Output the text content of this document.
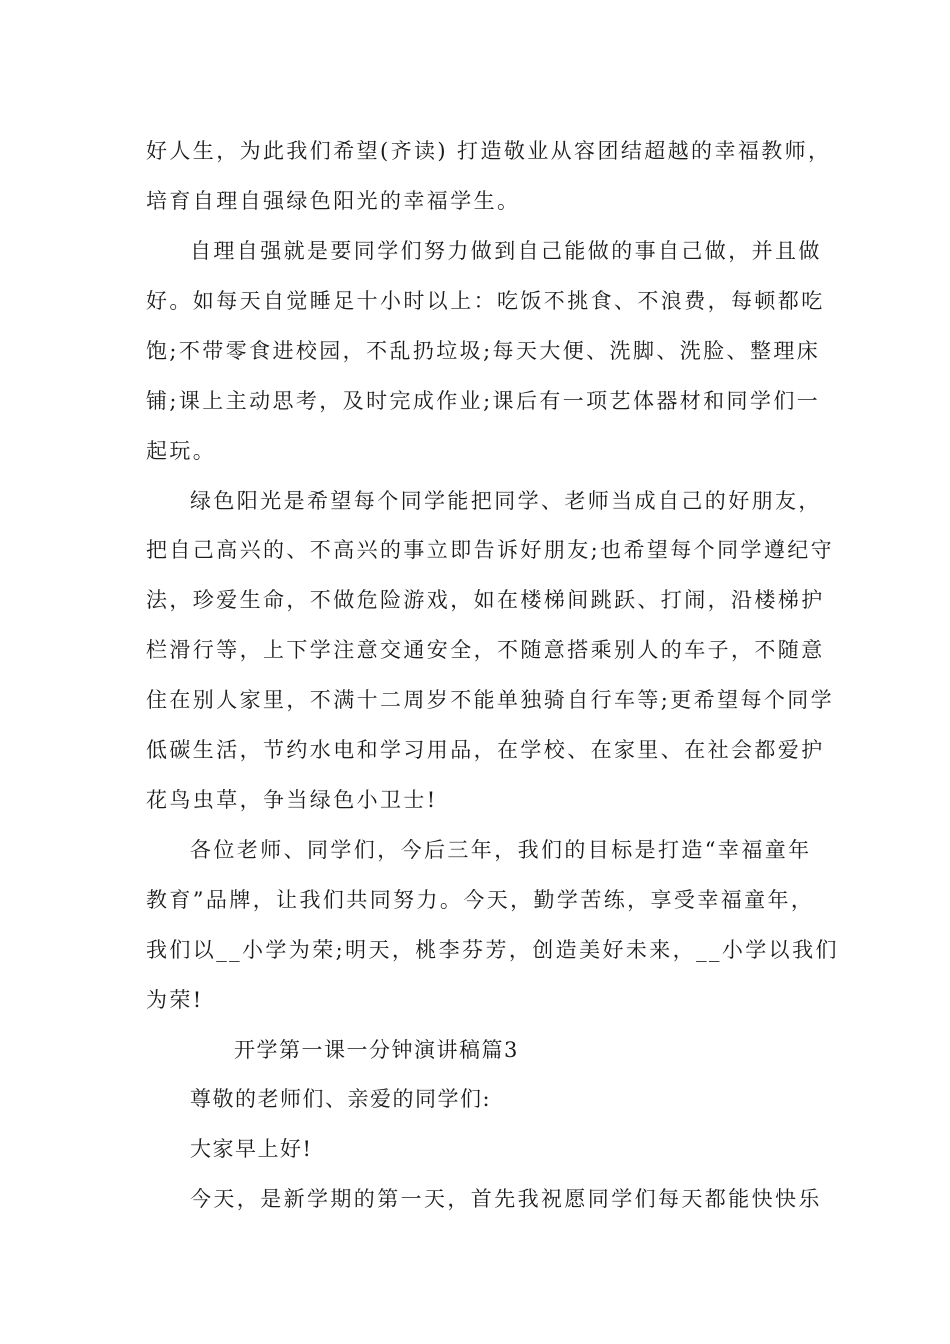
好人生，为此我们希望(齐读) 打造敬业从容团结超越的幸福教师，
培育自理自强绿色阳光的幸福学生。
自理自强就是要同学们努力做到自己能做的事自己做，并且做
好。如每天自觉睡足十小时以上：吃饭不挑食、不浪费，每顿都吃
饱;不带零食进校园，不乱扔垃圾;每天大便、洗脚、洗脸、整理床
铺;课上主动思考，及时完成作业;课后有一项艺体器材和同学们一
起玩。
绿色阳光是希望每个同学能把同学、老师当成自己的好朋友，
把自己高兴的、不高兴的事立即告诉好朋友;也希望每个同学遵纪守
法，珍爱生命，不做危险游戏，如在楼梯间跳跃、打闹，沿楼梯护
栏滑行等，上下学注意交通安全，不随意搭乘别人的车子，不随意
住在别人家里，不满十二周岁不能单独骑自行车等;更希望每个同学
低碳生活，节约水电和学习用品，在学校、在家里、在社会都爱护
花鸟虫草，争当绿色小卫士!
各位老师、同学们，今后三年，我们的目标是打造“幸福童年
教育”品牌，让我们共同努力。今天，勤学苦练，享受幸福童年，
我们以__小学为荣;明天，桃李芬芳，创造美好未来，__小学以我们
为荣!
开学第一课一分钟演讲稿篇3
尊敬的老师们、亲爱的同学们:
大家早上好!
今天，是新学期的第一天，首先我祝愿同学们每天都能快快乐
